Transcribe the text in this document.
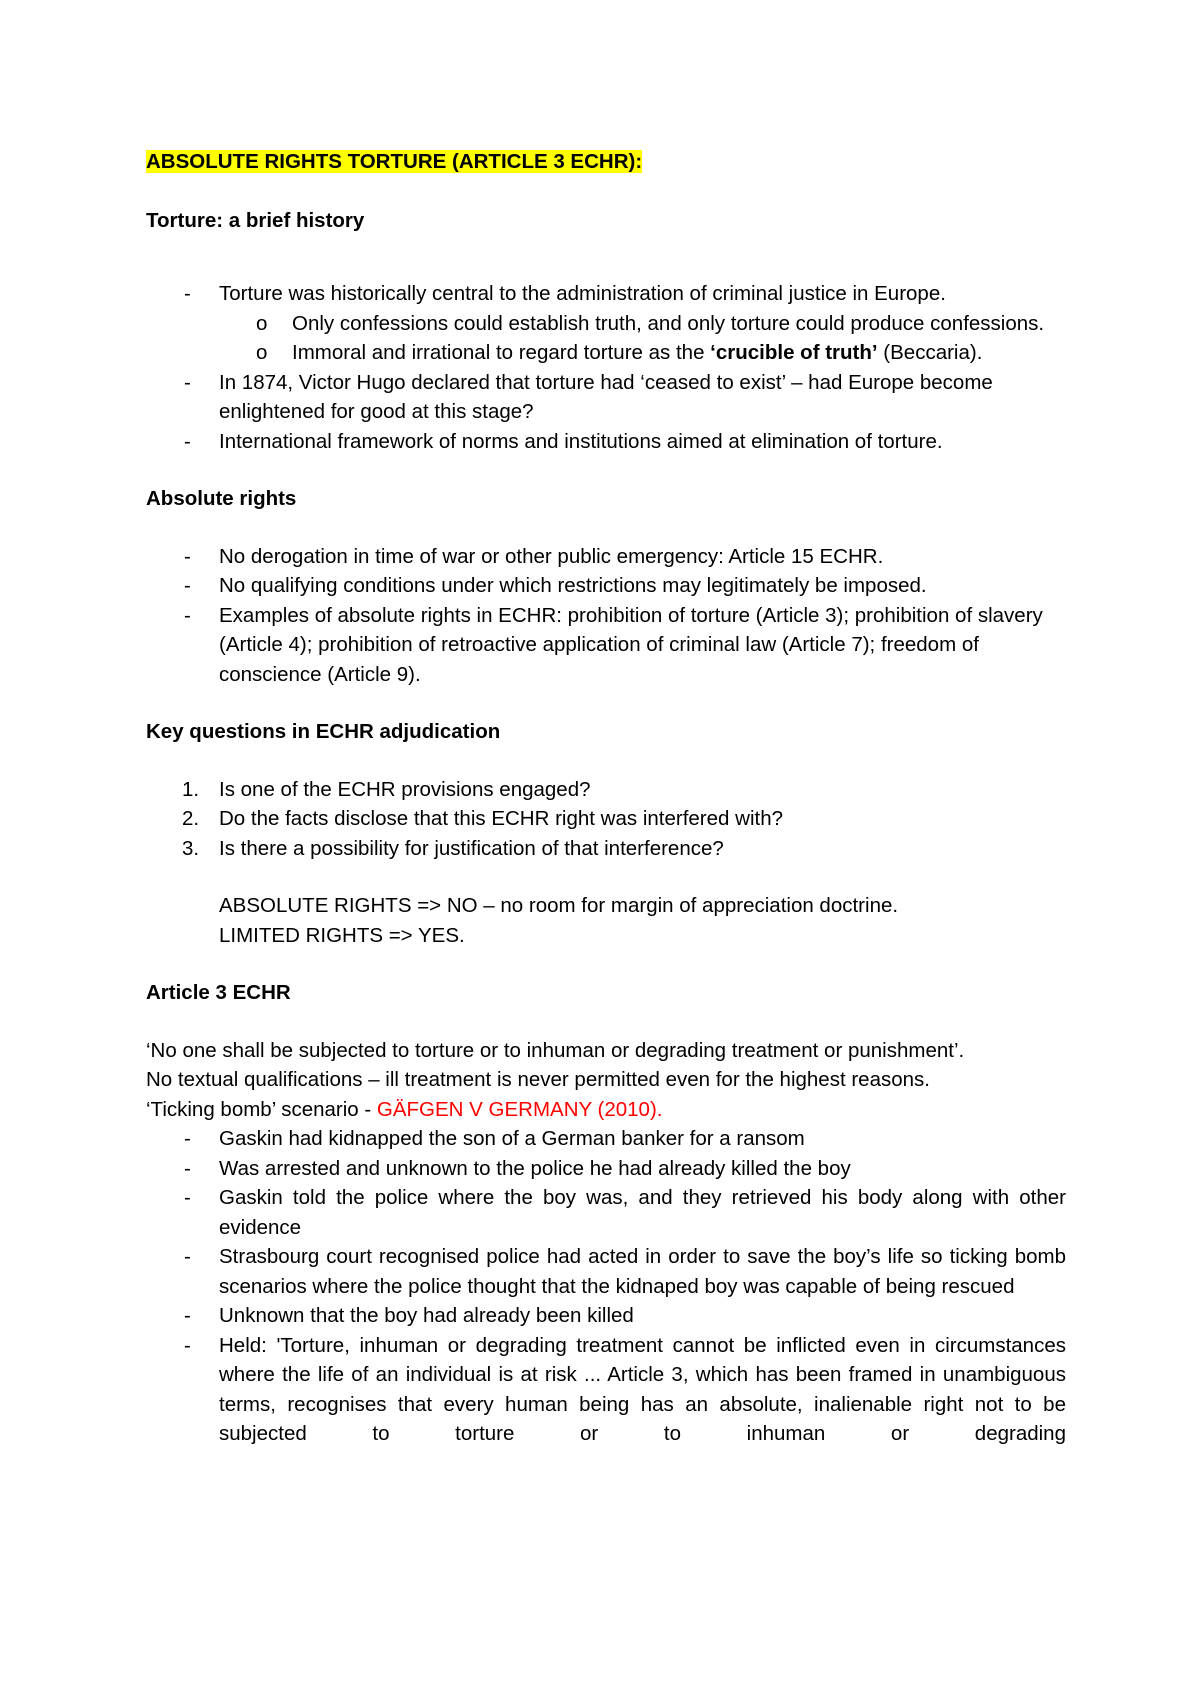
ABSOLUTE RIGHTS TORTURE (ARTICLE 3 ECHR):

Torture: a brief history

- Torture was historically central to the administration of criminal justice in Europe.
o Only confessions could establish truth, and only torture could produce confessions.
o Immoral and irrational to regard torture as the ‘crucible of truth’ (Beccaria).
- In 1874, Victor Hugo declared that torture had ‘ceased to exist’ – had Europe become enlightened for good at this stage?
- International framework of norms and institutions aimed at elimination of torture.

Absolute rights

- No derogation in time of war or other public emergency: Article 15 ECHR.
- No qualifying conditions under which restrictions may legitimately be imposed.
- Examples of absolute rights in ECHR: prohibition of torture (Article 3); prohibition of slavery (Article 4); prohibition of retroactive application of criminal law (Article 7); freedom of conscience (Article 9).

Key questions in ECHR adjudication

1. Is one of the ECHR provisions engaged?
2. Do the facts disclose that this ECHR right was interfered with?
3. Is there a possibility for justification of that interference?

ABSOLUTE RIGHTS => NO – no room for margin of appreciation doctrine.

LIMITED RIGHTS => YES.

Article 3 ECHR

‘No one shall be subjected to torture or to inhuman or degrading treatment or punishment’.

No textual qualifications – ill treatment is never permitted even for the highest reasons.

‘Ticking bomb’ scenario - GÄFGEN V GERMANY (2010).

- Gaskin had kidnapped the son of a German banker for a ransom
- Was arrested and unknown to the police he had already killed the boy
- Gaskin told the police where the boy was, and they retrieved his body along with other evidence
- Strasbourg court recognised police had acted in order to save the boy’s life so ticking bomb scenarios where the police thought that the kidnaped boy was capable of being rescued
- Unknown that the boy had already been killed
- Held: 'Torture, inhuman or degrading treatment cannot be inflicted even in circumstances where the life of an individual is at risk ... Article 3, which has been framed in unambiguous terms, recognises that every human being has an absolute, inalienable right not to be subjected to torture or to inhuman or degrading
